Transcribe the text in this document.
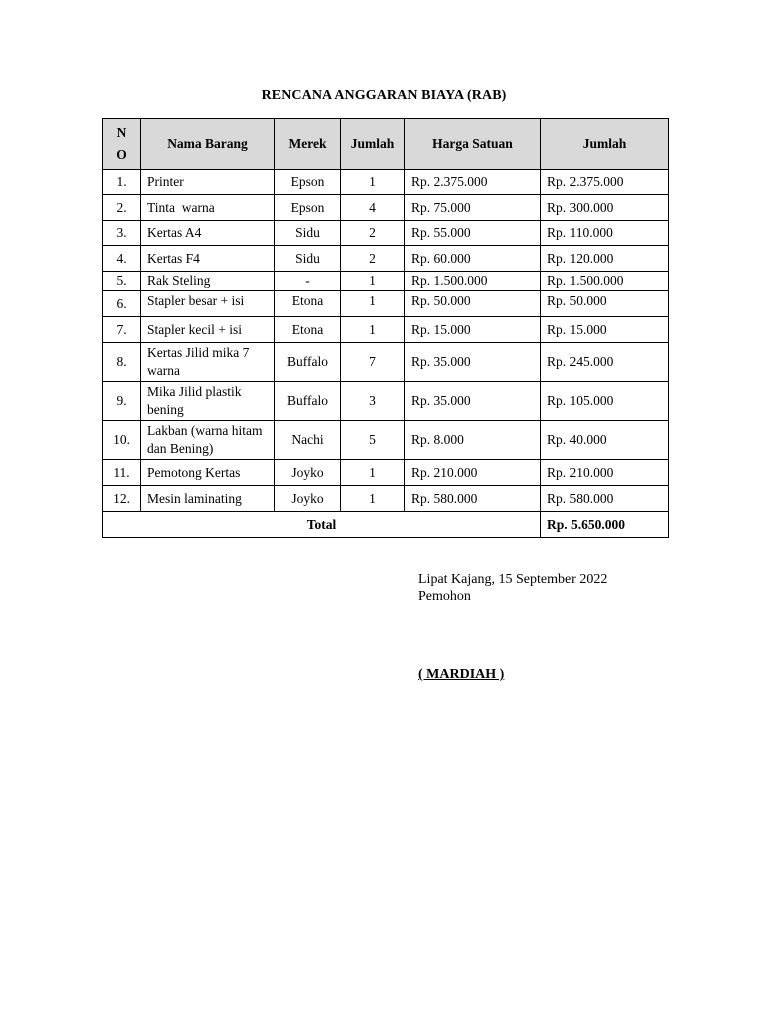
RENCANA ANGGARAN BIAYA (RAB)
N O	Nama Barang	Merek	Jumlah	Harga Satuan	Jumlah
1.	Printer	Epson	1	Rp. 2.375.000	Rp. 2.375.000
2.	Tinta  warna	Epson	4	Rp. 75.000	Rp. 300.000
3.	Kertas A4	Sidu	2	Rp. 55.000	Rp. 110.000
4.	Kertas F4	Sidu	2	Rp. 60.000	Rp. 120.000
5.	Rak Steling	-	1	Rp. 1.500.000	Rp. 1.500.000
6.	Stapler besar + isi	Etona	1	Rp. 50.000	Rp. 50.000
7.	Stapler kecil + isi	Etona	1	Rp. 15.000	Rp. 15.000
8.	Kertas Jilid mika 7 warna	Buffalo	7	Rp. 35.000	Rp. 245.000
9.	Mika Jilid plastik bening	Buffalo	3	Rp. 35.000	Rp. 105.000
10.	Lakban (warna hitam dan Bening)	Nachi	5	Rp. 8.000	Rp. 40.000
11.	Pemotong Kertas	Joyko	1	Rp. 210.000	Rp. 210.000
12.	Mesin laminating	Joyko	1	Rp. 580.000	Rp. 580.000
Total					Rp. 5.650.000
Lipat Kajang, 15 September 2022
Pemohon
( MARDIAH )
